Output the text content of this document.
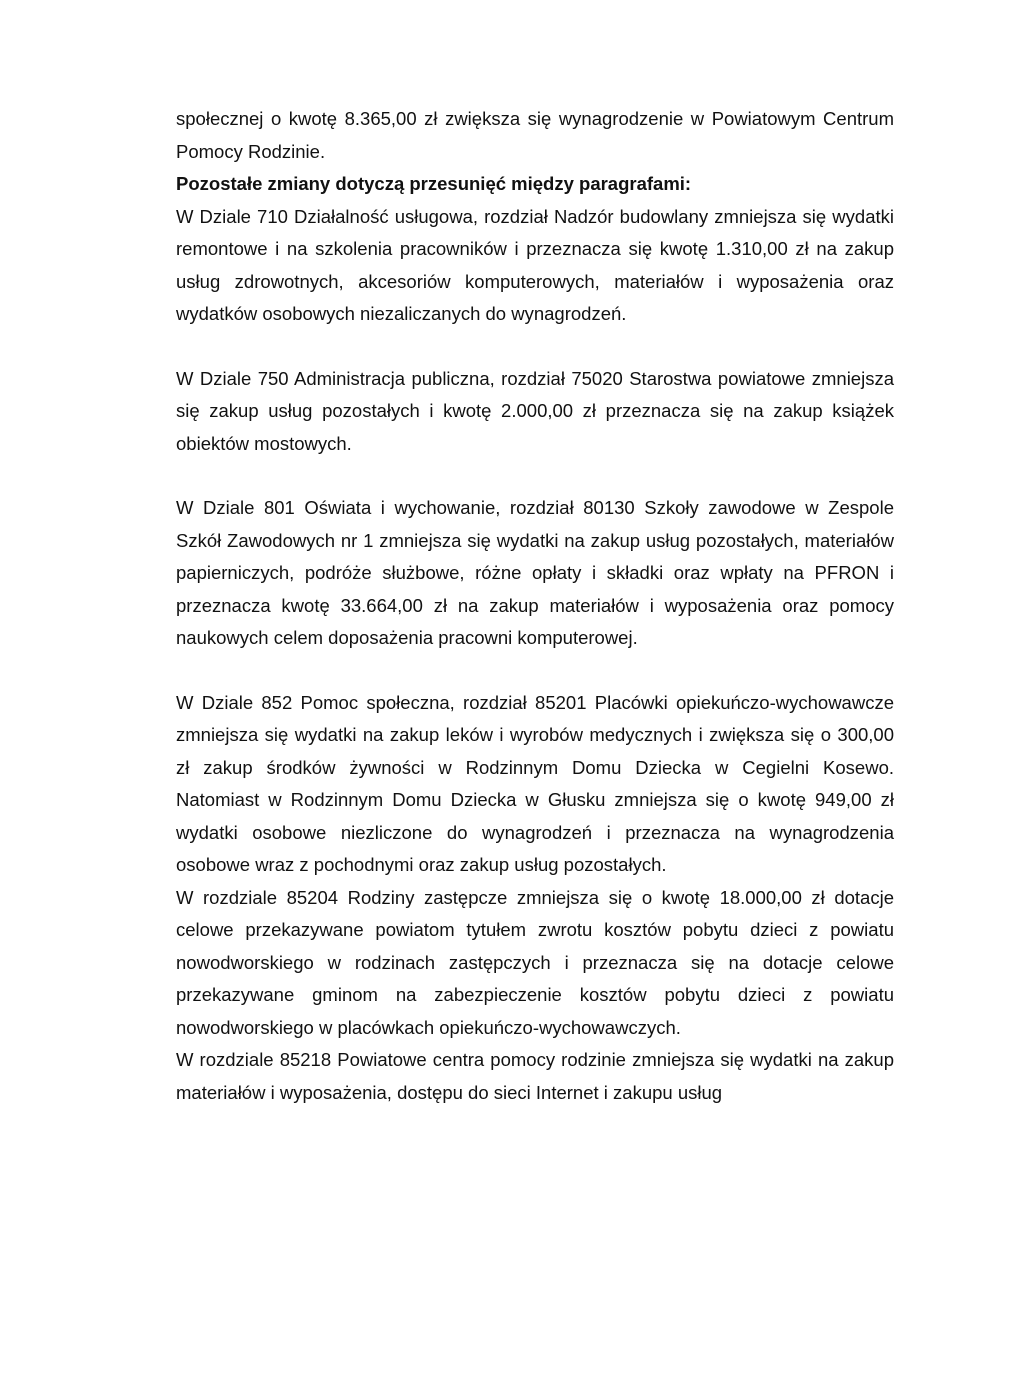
społecznej o kwotę 8.365,00 zł zwiększa się wynagrodzenie w Powiatowym Centrum Pomocy Rodzinie.

Pozostałe zmiany dotyczą przesunięć między paragrafami:

W Dziale 710 Działalność usługowa, rozdział Nadzór budowlany zmniejsza się wydatki remontowe i na szkolenia pracowników i przeznacza się kwotę 1.310,00 zł na zakup usług zdrowotnych, akcesoriów komputerowych, materiałów i wyposażenia oraz wydatków osobowych niezaliczanych do wynagrodzeń.

W Dziale 750 Administracja publiczna, rozdział 75020 Starostwa powiatowe zmniejsza się zakup usług pozostałych i kwotę 2.000,00 zł przeznacza się na zakup książek obiektów mostowych.

W Dziale 801 Oświata i wychowanie, rozdział 80130 Szkoły zawodowe w Zespole Szkół Zawodowych nr 1 zmniejsza się wydatki na zakup usług pozostałych, materiałów papierniczych, podróże służbowe, różne opłaty i składki oraz wpłaty na PFRON i przeznacza kwotę 33.664,00 zł na zakup materiałów i wyposażenia oraz pomocy naukowych celem doposażenia pracowni komputerowej.

W Dziale 852 Pomoc społeczna, rozdział 85201 Placówki opiekuńczo-wychowawcze zmniejsza się wydatki na zakup leków i wyrobów medycznych i zwiększa się o 300,00 zł zakup środków żywności w Rodzinnym Domu Dziecka w Cegielni Kosewo. Natomiast w Rodzinnym Domu Dziecka w Głusku zmniejsza się o kwotę 949,00 zł wydatki osobowe niezliczone do wynagrodzeń i przeznacza na wynagrodzenia osobowe wraz z pochodnymi oraz zakup usług pozostałych.

W rozdziale 85204 Rodziny zastępcze zmniejsza się o kwotę 18.000,00 zł dotacje celowe przekazywane powiatom tytułem zwrotu kosztów pobytu dzieci z powiatu nowodworskiego w rodzinach zastępczych i przeznacza się na dotacje celowe przekazywane gminom na zabezpieczenie kosztów pobytu dzieci z powiatu nowodworskiego w placówkach opiekuńczo-wychowawczych.

W rozdziale 85218 Powiatowe centra pomocy rodzinie zmniejsza się wydatki na zakup materiałów i wyposażenia, dostępu do sieci Internet i zakupu usług
